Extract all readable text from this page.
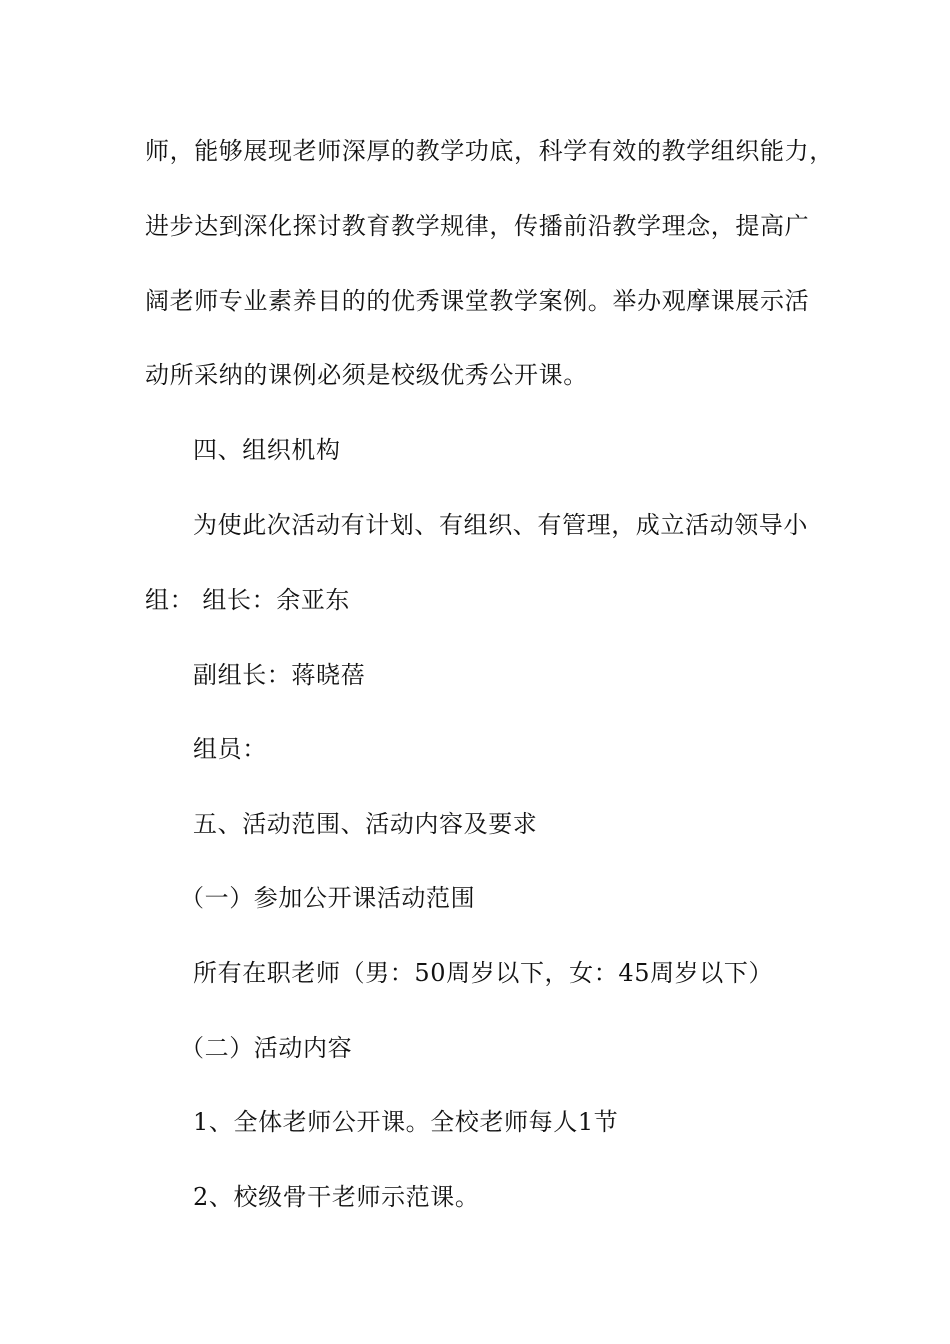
师，能够展现老师深厚的教学功底，科学有效的教学组织能力，
进步达到深化探讨教育教学规律，传播前沿教学理念，提高广
阔老师专业素养目的的优秀课堂教学案例。举办观摩课展示活
动所采纳的课例必须是校级优秀公开课。
四、组织机构
为使此次活动有计划、有组织、有管理，成立活动领导小
组： 组长：余亚东
副组长：蒋晓蓓
组员：
五、活动范围、活动内容及要求
（一）参加公开课活动范围
所有在职老师（男：50周岁以下，女：45周岁以下）
（二）活动内容
1、全体老师公开课。全校老师每人1节
2、校级骨干老师示范课。
